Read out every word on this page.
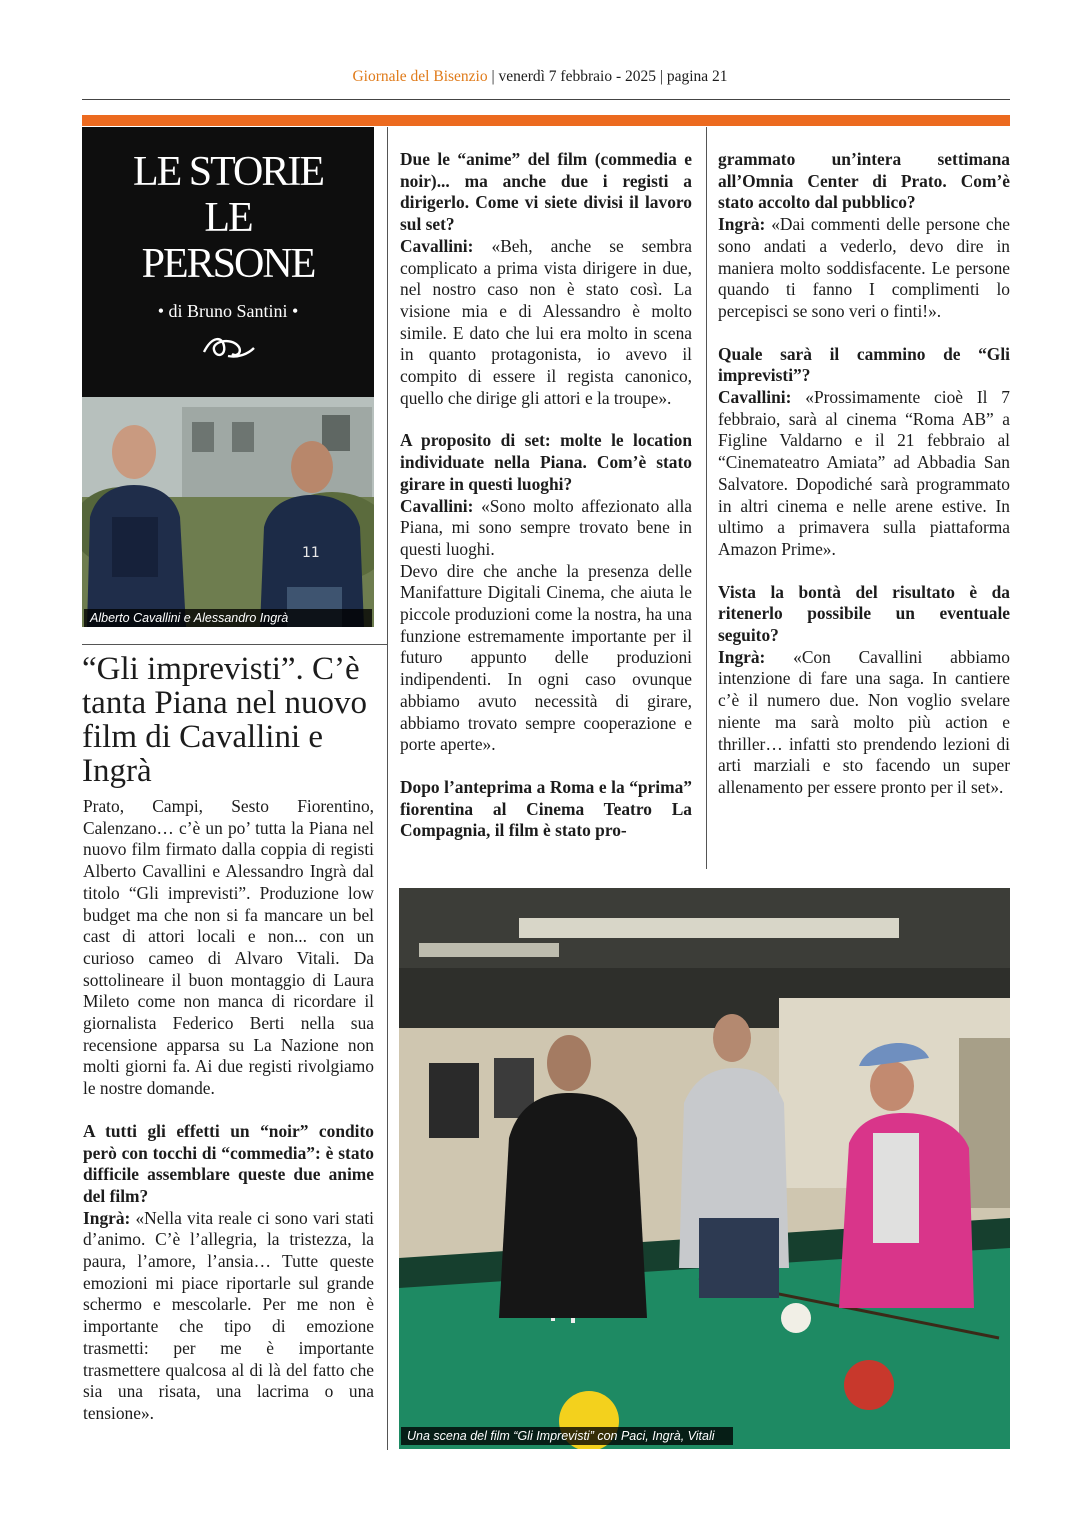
Giornale del Bisenzio | venerdì 7 febbraio - 2025 | pagina 21
LE STORIE
LE
PERSONE
• di Bruno Santini •
11
Alberto Cavallini e Alessandro Ingrà
“Gli imprevisti”. C’è tanta Piana nel nuovo film di Cavallini e Ingrà

Prato, Campi, Sesto Fiorentino, Calenzano… c’è un po’ tutta la Piana nel nuovo film firmato dalla coppia di registi Alberto Cavallini e Alessandro Ingrà dal titolo “Gli imprevisti”. Produzione low budget ma che non si fa mancare un bel cast di attori locali e non... con un curioso cameo di Alvaro Vitali. Da sottolineare il buon montaggio di Laura Mileto come non manca di ricordare il giornalista Federico Berti nella sua recensione apparsa su La Nazione non molti giorni fa. Ai due registi rivolgiamo le nostre domande.

A tutti gli effetti un “noir” condito però con tocchi di “commedia”: è stato difficile assemblare queste due anime del film?

Ingrà: «Nella vita reale ci sono vari stati d’animo. C’è l’allegria, la tristezza, la paura, l’amore, l’ansia… Tutte queste emozioni mi piace riportarle sul grande schermo e mescolarle. Per me non è importante che tipo di emozione trasmetti: per me è importante trasmettere qualcosa al di là del fatto che sia una risata, una lacrima o una tensione».

Due le “anime” del film (commedia e noir)... ma anche due i registi a dirigerlo. Come vi siete divisi il lavoro sul set?

Cavallini: «Beh, anche se sembra complicato a prima vista dirigere in due, nel nostro caso non è stato così. La visione mia e di Alessandro è molto simile. E dato che lui era molto in scena in quanto protagonista, io avevo il compito di essere il regista canonico, quello che dirige gli attori e la troupe».

A proposito di set: molte le location individuate nella Piana. Com’è stato girare in questi luoghi?

Cavallini: «Sono molto affezionato alla Piana, mi sono sempre trovato bene in questi luoghi.

Devo dire che anche la presenza delle Manifatture Digitali Cinema, che aiuta le piccole produzioni come la nostra, ha una funzione estremamente importante per il futuro appunto delle produzioni indipendenti. In ogni caso ovunque abbiamo avuto necessità di girare, abbiamo trovato sempre cooperazione e porte aperte».

Dopo l’anteprima a Roma e la “prima” fiorentina al Cinema Teatro La Compagnia, il film è stato pro-

grammato un’intera settimana all’Omnia Center di Prato. Com’è stato accolto dal pubblico?

Ingrà: «Dai commenti delle persone che sono andati a vederlo, devo dire in maniera molto soddisfacente. Le persone quando ti fanno I complimenti lo percepisci se sono veri o finti!».

Quale sarà il cammino de “Gli imprevisti”?

Cavallini: «Prossimamente cioè Il 7 febbraio, sarà al cinema “Roma AB” a Figline Valdarno e il 21 febbraio al “Cinemateatro Amiata” ad Abbadia San Salvatore. Dopodiché sarà programmato in altri cinema e nelle arene estive. In ultimo a primavera sulla piattaforma Amazon Prime».

Vista la bontà del risultato è da ritenerlo possibile un eventuale seguito?

Ingrà: «Con Cavallini abbiamo intenzione di fare una saga. In cantiere c’è il numero due. Non voglio svelare niente ma sarà molto più action e thriller… infatti sto prendendo lezioni di arti marziali e sto facendo un super allenamento per essere pronto per il set».

Una scena del film “Gli Imprevisti” con Paci, Ingrà, Vitali
